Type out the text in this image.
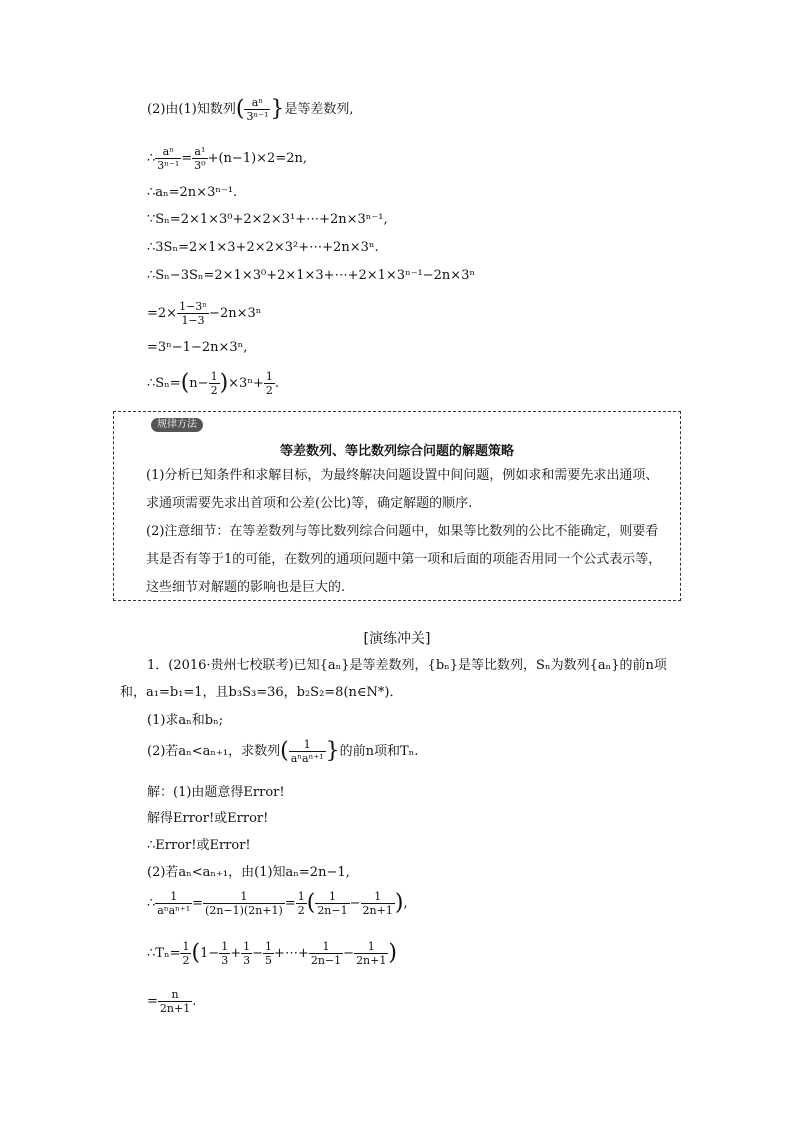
(2)由(1)知数列( $\frac{\text{aⁿ}}{\text{3ⁿ⁻¹}}$ }是等差数列,
∴ $\frac{\text{aⁿ}}{\text{3ⁿ⁻¹}} = \frac{\text{a¹}}{\text{3⁰}} +(n-1)\times 2=2n$,
∴aₙ=2n×3ⁿ⁻¹.
∵Sₙ=2×1×3⁰+2×2×3¹+⋯+2n×3ⁿ⁻¹,
∴3Sₙ=2×1×3+2×2×3²+⋯+2n×3ⁿ.
∴Sₙ−3Sₙ=2×1×3⁰+2×1×3+⋯+2×1×3ⁿ⁻¹−2n×3ⁿ
$=2\times \frac{\text{1−3ⁿ}}{1-3} -2n\times 3^n$
=3ⁿ−1−2n×3ⁿ,
∴Sₙ=(n− $\frac{1}{2} )\times 3^n+ \frac{1}{2}$ .
规律方法
等差数列、等比数列综合问题的解题策略
(1)分析已知条件和求解目标，为最终解决问题设置中间问题，例如求和需要先求出通项、求通项需要先求出首项和公差(公比)等，确定解题的顺序.
(2)注意细节：在等差数列与等比数列综合问题中，如果等比数列的公比不能确定，则要看其是否有等于1的可能，在数列的通项问题中第一项和后面的项能否用同一个公式表示等，这些细节对解题的影响也是巨大的.
[演练冲关]
1．(2016·贵州七校联考)已知{aₙ}是等差数列，{bₙ}是等比数列，Sₙ为数列{aₙ}的前n项
和，a₁=b₁=1，且b₃S₃=36，b₂S₂=8(n∈N*)．
(1)求aₙ和bₙ;
(2)若aₙ<aₙ₊₁，求数列( $\frac{1}{\text{aⁿaⁿ⁺¹}}$ }的前n项和Tₙ.
解：(1)由题意得Error!
解得Error!或Error!
∴Error!或Error!
(2)若aₙ<aₙ₊₁，由(1)知aₙ=2n−1,
∴ $\frac{1}{\text{aⁿaⁿ⁺¹}} = \frac{1}{(2n-1)(2n+1)} = \frac{1}{2}$ ( $\frac{1}{2n-1} - \frac{1}{2n+1}$ ),
∴Tₙ= $\frac{1}{2} (1- \frac{1}{3} + \frac{1}{3} - \frac{1}{5}$ +⋯+ $\frac{1}{2n-1} - \frac{1}{2n+1}$ )
= $\frac{n}{2n+1}$ .
